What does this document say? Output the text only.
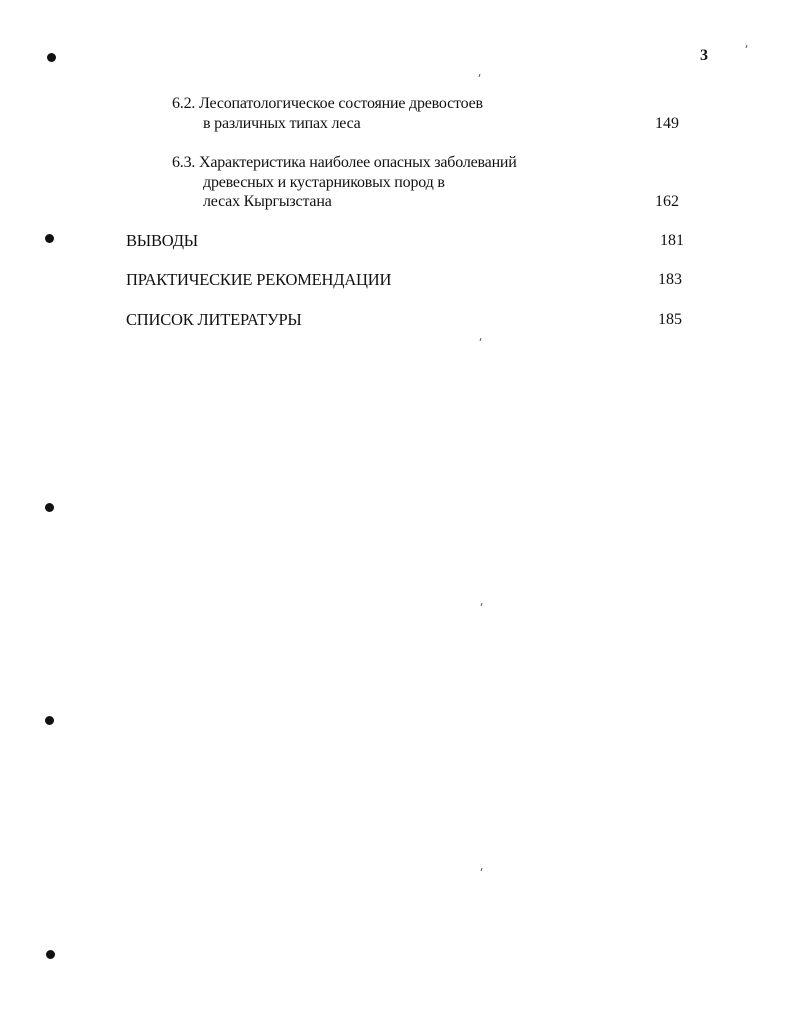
3
6.2. Лесопатологическое состояние древостоев
в различных типах леса	149
6.3. Характеристика наиболее опасных заболеваний
древесных и кустарниковых пород в
лесах Кыргызстана	162
ВЫВОДЫ	181
ПРАКТИЧЕСКИЕ РЕКОМЕНДАЦИИ	183
СПИСОК ЛИТЕРАТУРЫ	185
